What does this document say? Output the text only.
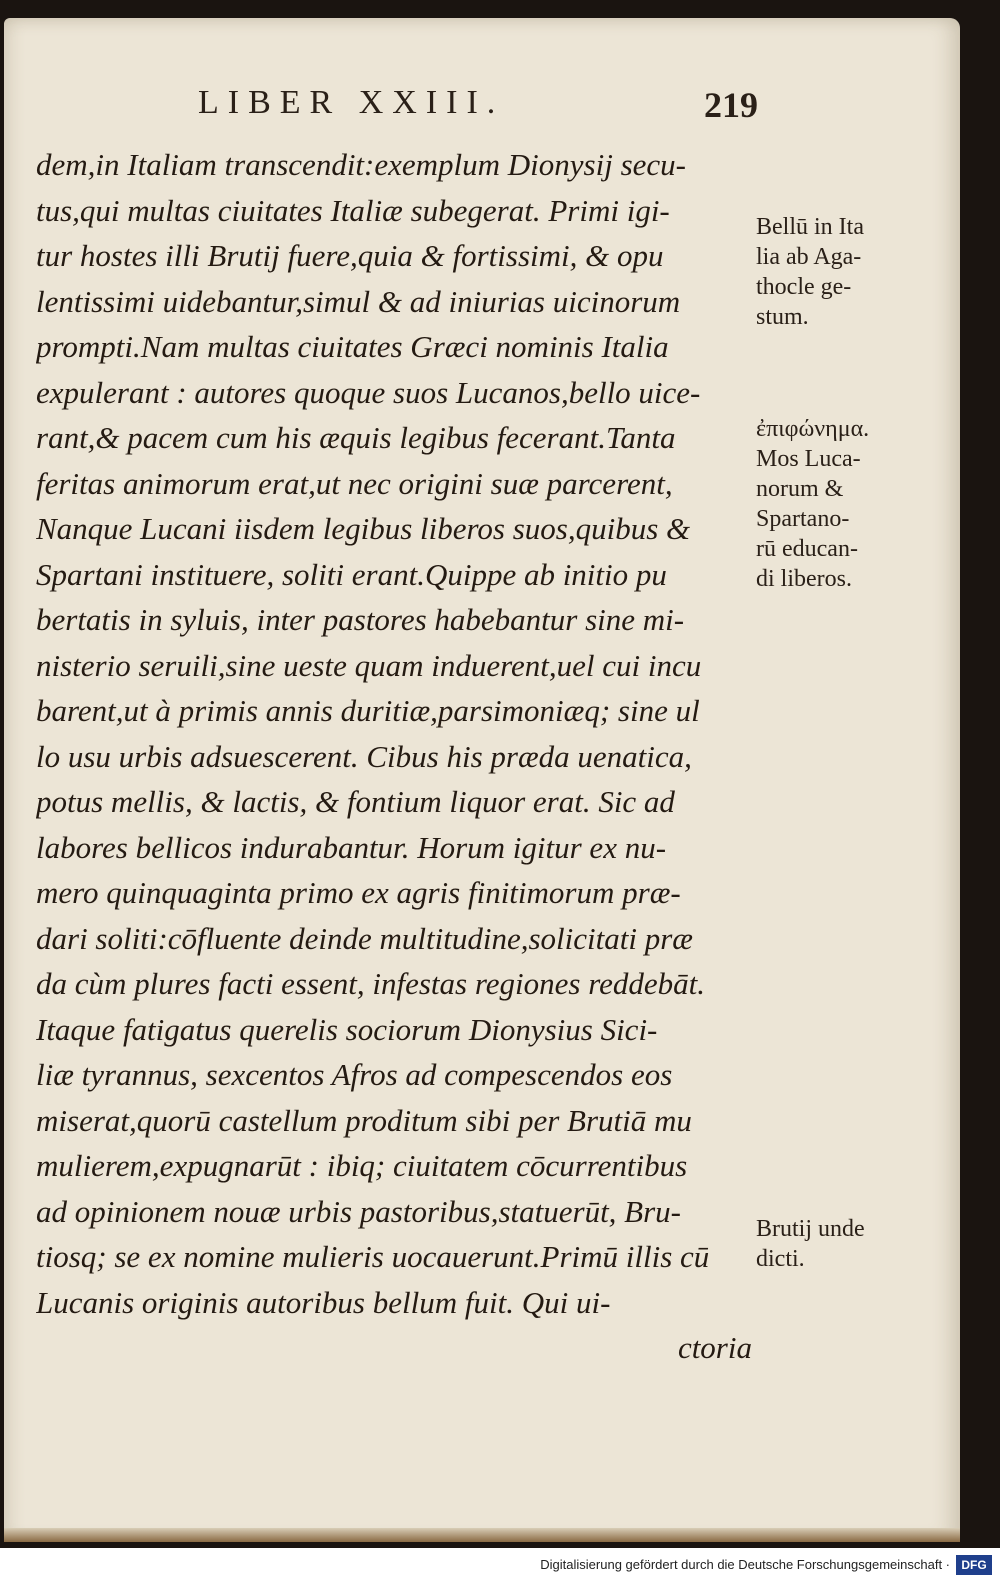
LIBER XXIII.	219
dem,in Italiam transcendit:exemplum Dionysij secu-
tus,qui multas ciuitates Italiæ subegerat. Primi igi-
tur hostes illi Brutij fuere,quia & fortissimi, & opu
lentissimi uidebantur,simul & ad iniurias uicinorum
prompti.Nam multas ciuitates Græci nominis Italia
expulerant : autores quoque suos Lucanos,bello uice-
rant,& pacem cum his æquis legibus fecerant.Tanta
feritas animorum erat,ut nec origini suæ parcerent,
Nanque Lucani iisdem legibus liberos suos,quibus &
Spartani instituere, soliti erant.Quippe ab initio pu
bertatis in syluis, inter pastores habebantur sine mi-
nisterio seruili,sine ueste quam induerent,uel cui incu
barent,ut à primis annis duritiæ,parsimoniæq; sine ul
lo usu urbis adsuescerent. Cibus his præda uenatica,
potus mellis, & lactis, & fontium liquor erat. Sic ad
labores bellicos indurabantur. Horum igitur ex nu-
mero quinquaginta primo ex agris finitimorum præ-
dari soliti:cōfluente deinde multitudine,solicitati præ
da cùm plures facti essent, infestas regiones reddebāt.
Itaque fatigatus querelis sociorum Dionysius Sici-
liæ tyrannus, sexcentos Afros ad compescendos eos
miserat,quorū castellum proditum sibi per Brutiā mu
mulierem,expugnarūt : ibiq; ciuitatem cōcurrentibus
ad opinionem nouæ urbis pastoribus,statuerūt, Bru-
tiosq; se ex nomine mulieris uocauerunt.Primū illis cū
Lucanis originis autoribus bellum fuit. Qui ui-
ctoria
Bellū in Ita
lia ab Aga-
thocle ge-
stum.
ἐπιφώνημα.
Mos Luca-
norum &
Spartano-
rū educan-
di liberos.
Brutij unde
dicti.
Digitalisierung gefördert durch die Deutsche Forschungsgemeinschaft · DFG
